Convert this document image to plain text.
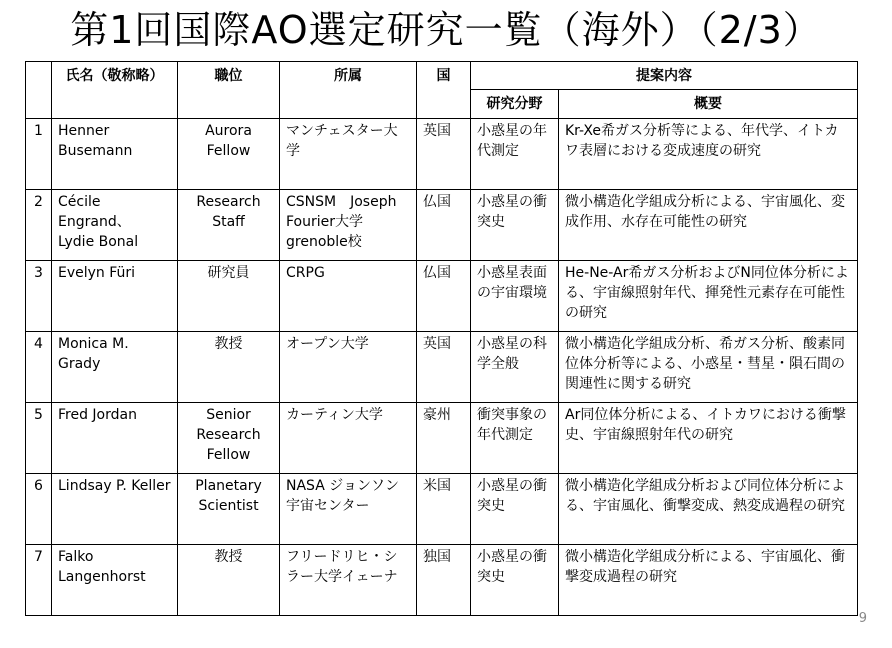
第1回国際AO選定研究一覧（海外）（2/3）
	氏名（敬称略）	職位	所属	国	提案内容	
					研究分野	概要
1	Henner Busemann	Aurora Fellow	マンチェスター大学	英国	小惑星の年代測定	Kr-Xe希ガス分析等による、年代学、イトカワ表層における変成速度の研究
2	Cécile Engrand、 Lydie Bonal	Research Staff	CSNSM　Joseph Fourier大学grenoble校	仏国	小惑星の衝突史	微小構造化学組成分析による、宇宙風化、変成作用、水存在可能性の研究
3	Evelyn Füri	研究員	CRPG	仏国	小惑星表面の宇宙環境	He-Ne-Ar希ガス分析およびN同位体分析による、宇宙線照射年代、揮発性元素存在可能性の研究
4	Monica M. Grady	教授	オープン大学	英国	小惑星の科学全般	微小構造化学組成分析、希ガス分析、酸素同位体分析等による、小惑星・彗星・隕石間の関連性に関する研究
5	Fred Jordan	Senior Research Fellow	カーティン大学	豪州	衝突事象の年代測定	Ar同位体分析による、イトカワにおける衝撃史、宇宙線照射年代の研究
6	Lindsay P. Keller	Planetary Scientist	NASA ジョンソン宇宙センター	米国	小惑星の衝突史	微小構造化学組成分析および同位体分析による、宇宙風化、衝撃変成、熱変成過程の研究
7	Falko Langenhorst	教授	フリードリヒ・シラー大学イェーナ	独国	小惑星の衝突史	微小構造化学組成分析による、宇宙風化、衝撃変成過程の研究
9
